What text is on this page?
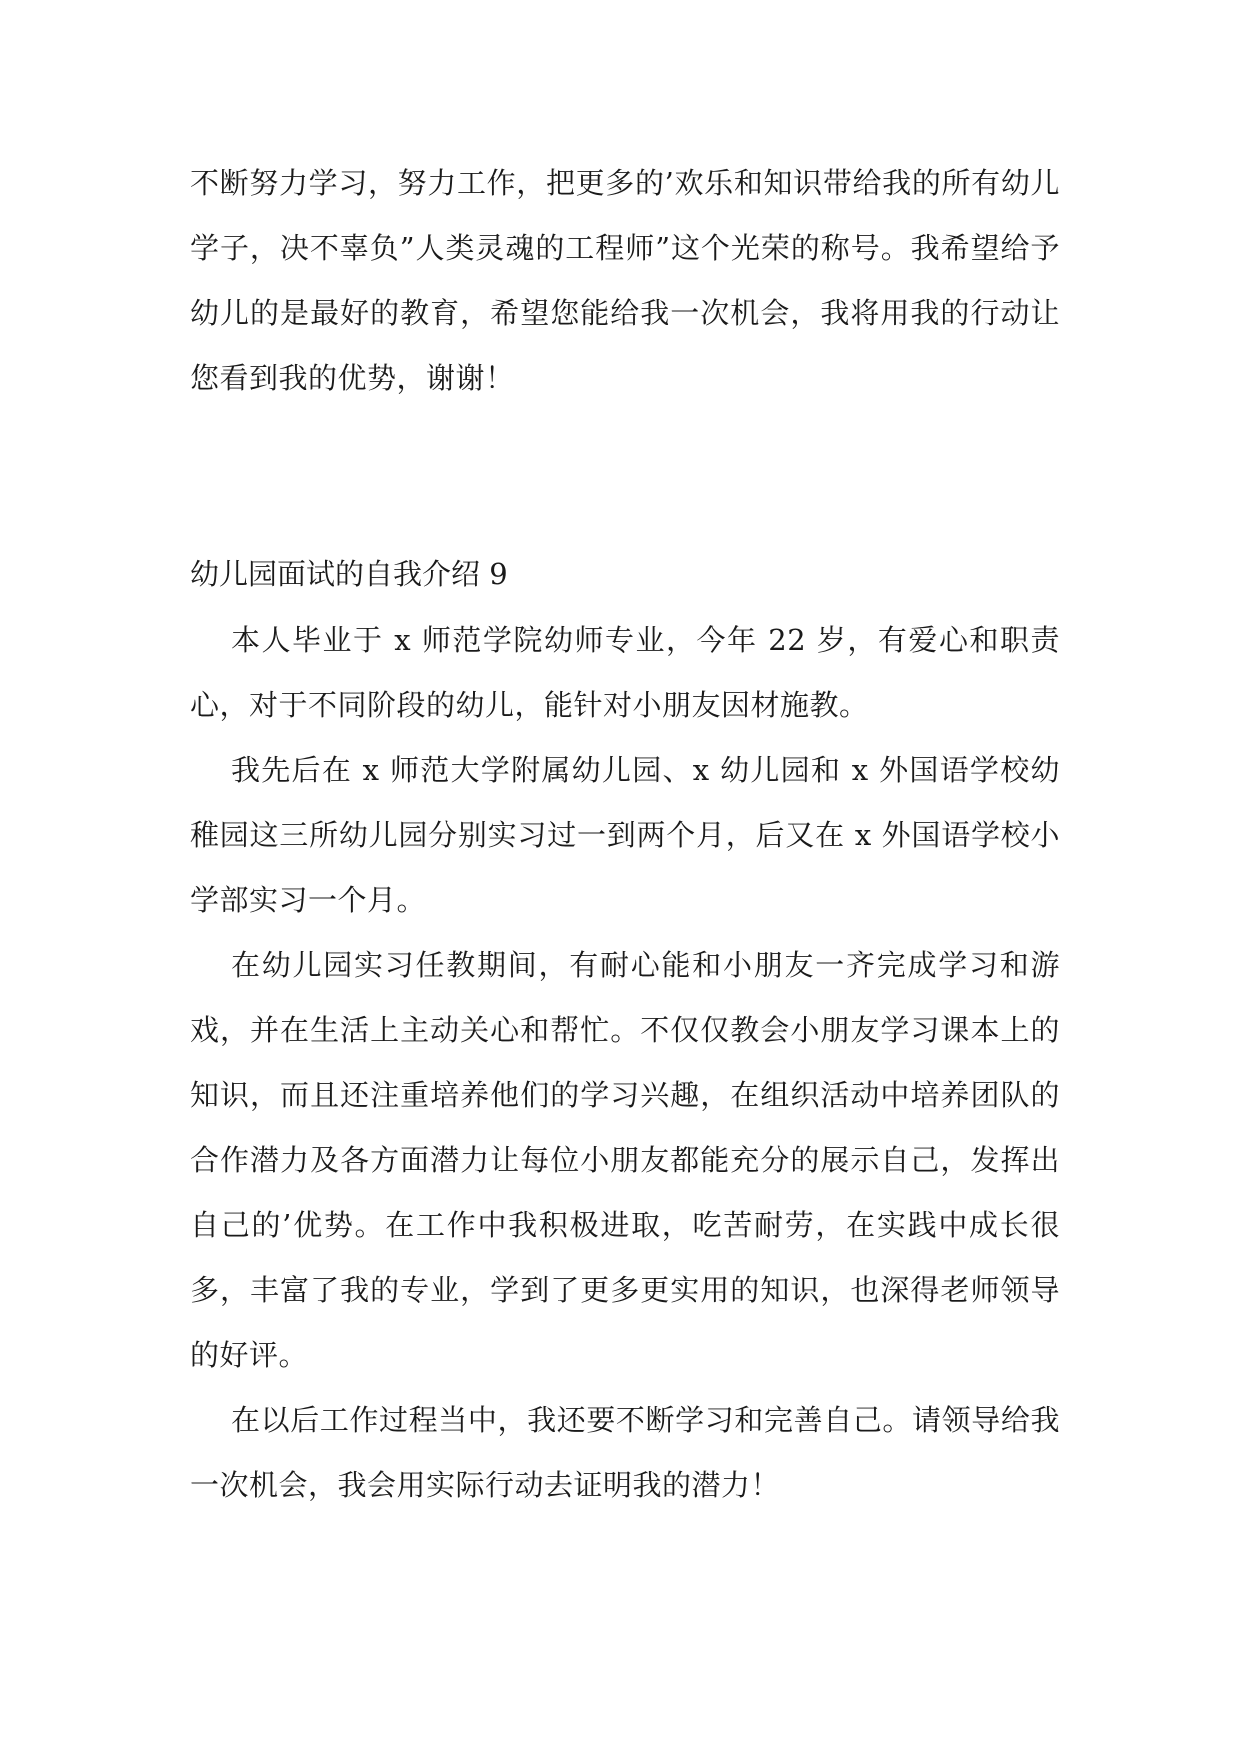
不断努力学习，努力工作，把更多的’欢乐和知识带给我的所有幼儿学子，决不辜负”人类灵魂的工程师”这个光荣的称号。我希望给予幼儿的是最好的教育，希望您能给我一次机会，我将用我的行动让您看到我的优势，谢谢！

幼儿园面试的自我介绍 9

本人毕业于 x 师范学院幼师专业，今年 22 岁，有爱心和职责心，对于不同阶段的幼儿，能针对小朋友因材施教。

我先后在 x 师范大学附属幼儿园、x 幼儿园和 x 外国语学校幼稚园这三所幼儿园分别实习过一到两个月，后又在 x 外国语学校小学部实习一个月。

在幼儿园实习任教期间，有耐心能和小朋友一齐完成学习和游戏，并在生活上主动关心和帮忙。不仅仅教会小朋友学习课本上的知识，而且还注重培养他们的学习兴趣，在组织活动中培养团队的合作潜力及各方面潜力让每位小朋友都能充分的展示自己，发挥出自己的’优势。在工作中我积极进取，吃苦耐劳，在实践中成长很多，丰富了我的专业，学到了更多更实用的知识，也深得老师领导的好评。

在以后工作过程当中，我还要不断学习和完善自己。请领导给我一次机会，我会用实际行动去证明我的潜力！
